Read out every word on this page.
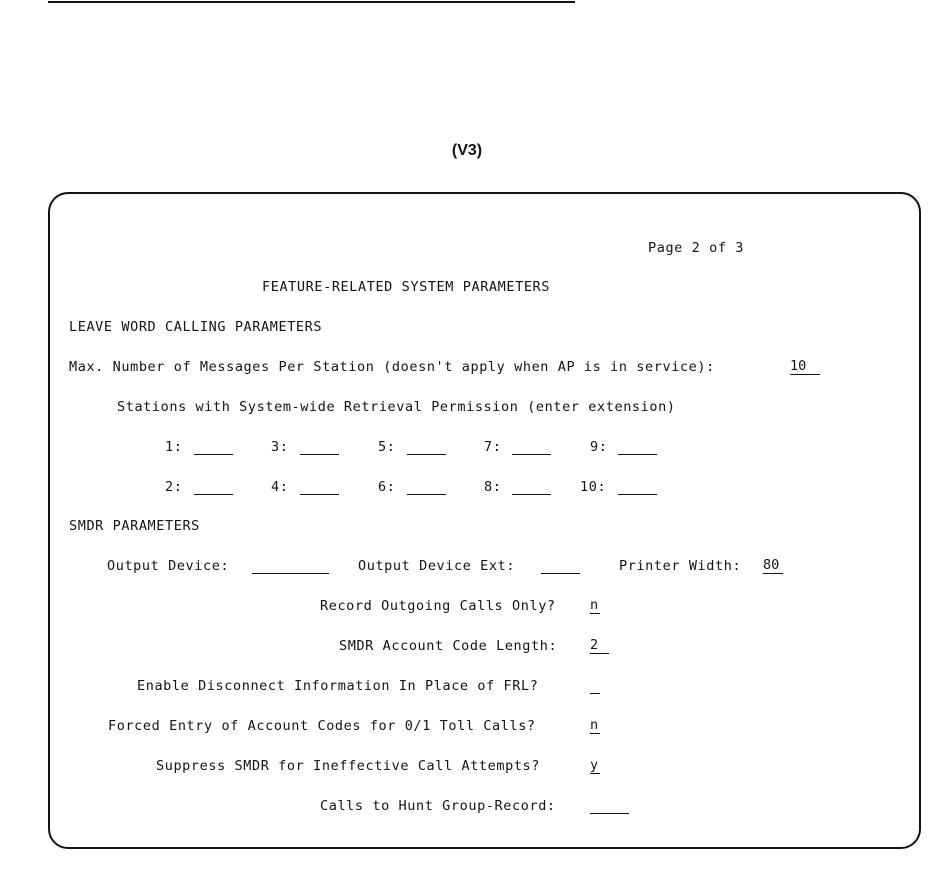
(V3)
Page 2 of 3
FEATURE-RELATED SYSTEM PARAMETERS
LEAVE WORD CALLING PARAMETERS
Max. Number of Messages Per Station (doesn't apply when AP is in service):	10
Stations with System-wide Retrieval Permission (enter extension)
1:	3:	5:	7:	9:
2:	4:	6:	8:	10:
SMDR PARAMETERS
Output Device:	Output Device Ext:	Printer Width: 80
Record Outgoing Calls Only?	n
SMDR Account Code Length: 2
Enable Disconnect Information In Place of FRL?
Forced Entry of Account Codes for 0/1 Toll Calls?	n
Suppress SMDR for Ineffective Call Attempts?	y
Calls to Hunt Group-Record:
